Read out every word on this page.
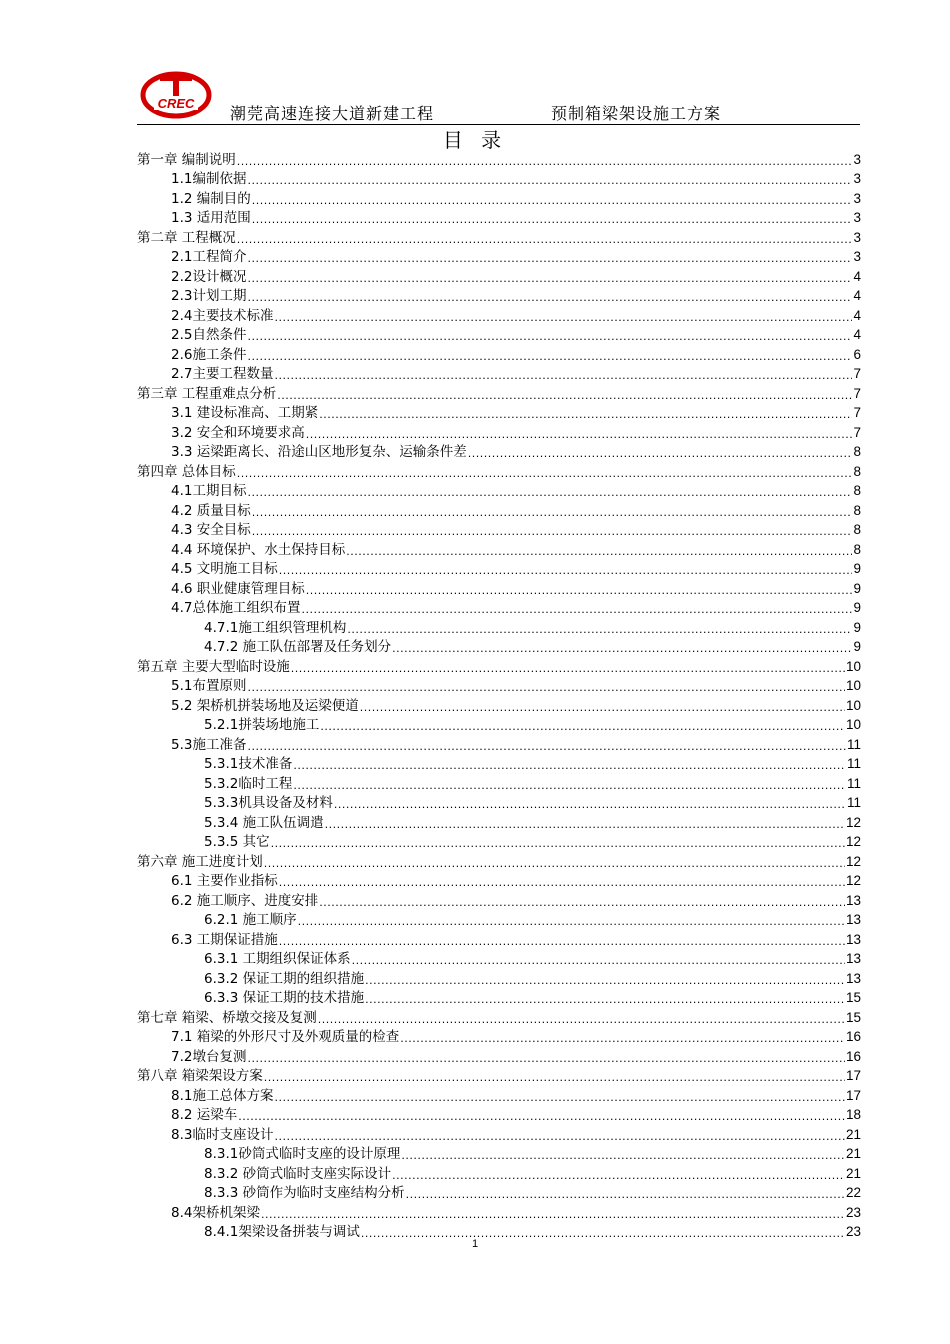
CREC
潮莞高速连接大道新建工程	预制箱梁架设施工方案
目 录
第一章 编制说明 .....	3
1.1编制依据 .....	3
1.2 编制目的 .....	3
1.3 适用范围 .....	3
第二章 工程概况 .....	3
2.1工程简介 .....	3
2.2设计概况 .....	4
2.3计划工期 .....	4
2.4主要技术标准 .....	4
2.5自然条件 .....	4
2.6施工条件 .....	6
2.7主要工程数量 .....	7
第三章 工程重难点分析 .....	7
3.1 建设标准高、工期紧 .....	7
3.2 安全和环境要求高 .....	7
3.3 运梁距离长、沿途山区地形复杂、运输条件差 .....	8
第四章 总体目标 .....	8
4.1工期目标 .....	8
4.2 质量目标 .....	8
4.3 安全目标 .....	8
4.4 环境保护、水土保持目标 .....	8
4.5 文明施工目标 .....	9
4.6 职业健康管理目标 .....	9
4.7总体施工组织布置 .....	9
4.7.1施工组织管理机构 .....	9
4.7.2 施工队伍部署及任务划分 .....	9
第五章 主要大型临时设施 .....	10
5.1布置原则 .....	10
5.2 架桥机拼装场地及运梁便道 .....	10
5.2.1拼装场地施工 .....	10
5.3施工准备 .....	11
5.3.1技术准备 .....	11
5.3.2临时工程 .....	11
5.3.3机具设备及材料 .....	11
5.3.4 施工队伍调遣 .....	12
5.3.5 其它 .....	12
第六章 施工进度计划 .....	12
6.1 主要作业指标 .....	12
6.2 施工顺序、进度安排 .....	13
6.2.1 施工顺序 .....	13
6.3 工期保证措施 .....	13
6.3.1 工期组织保证体系 .....	13
6.3.2 保证工期的组织措施 .....	13
6.3.3 保证工期的技术措施 .....	15
第七章 箱梁、桥墩交接及复测 .....	15
7.1 箱梁的外形尺寸及外观质量的检查 .....	16
7.2墩台复测 .....	16
第八章 箱梁架设方案 .....	17
8.1施工总体方案 .....	17
8.2 运梁车 .....	18
8.3临时支座设计 .....	21
8.3.1砂筒式临时支座的设计原理 .....	21
8.3.2 砂筒式临时支座实际设计 .....	21
8.3.3 砂筒作为临时支座结构分析 .....	22
8.4架桥机架梁 .....	23
8.4.1架梁设备拼装与调试 .....	23
1
